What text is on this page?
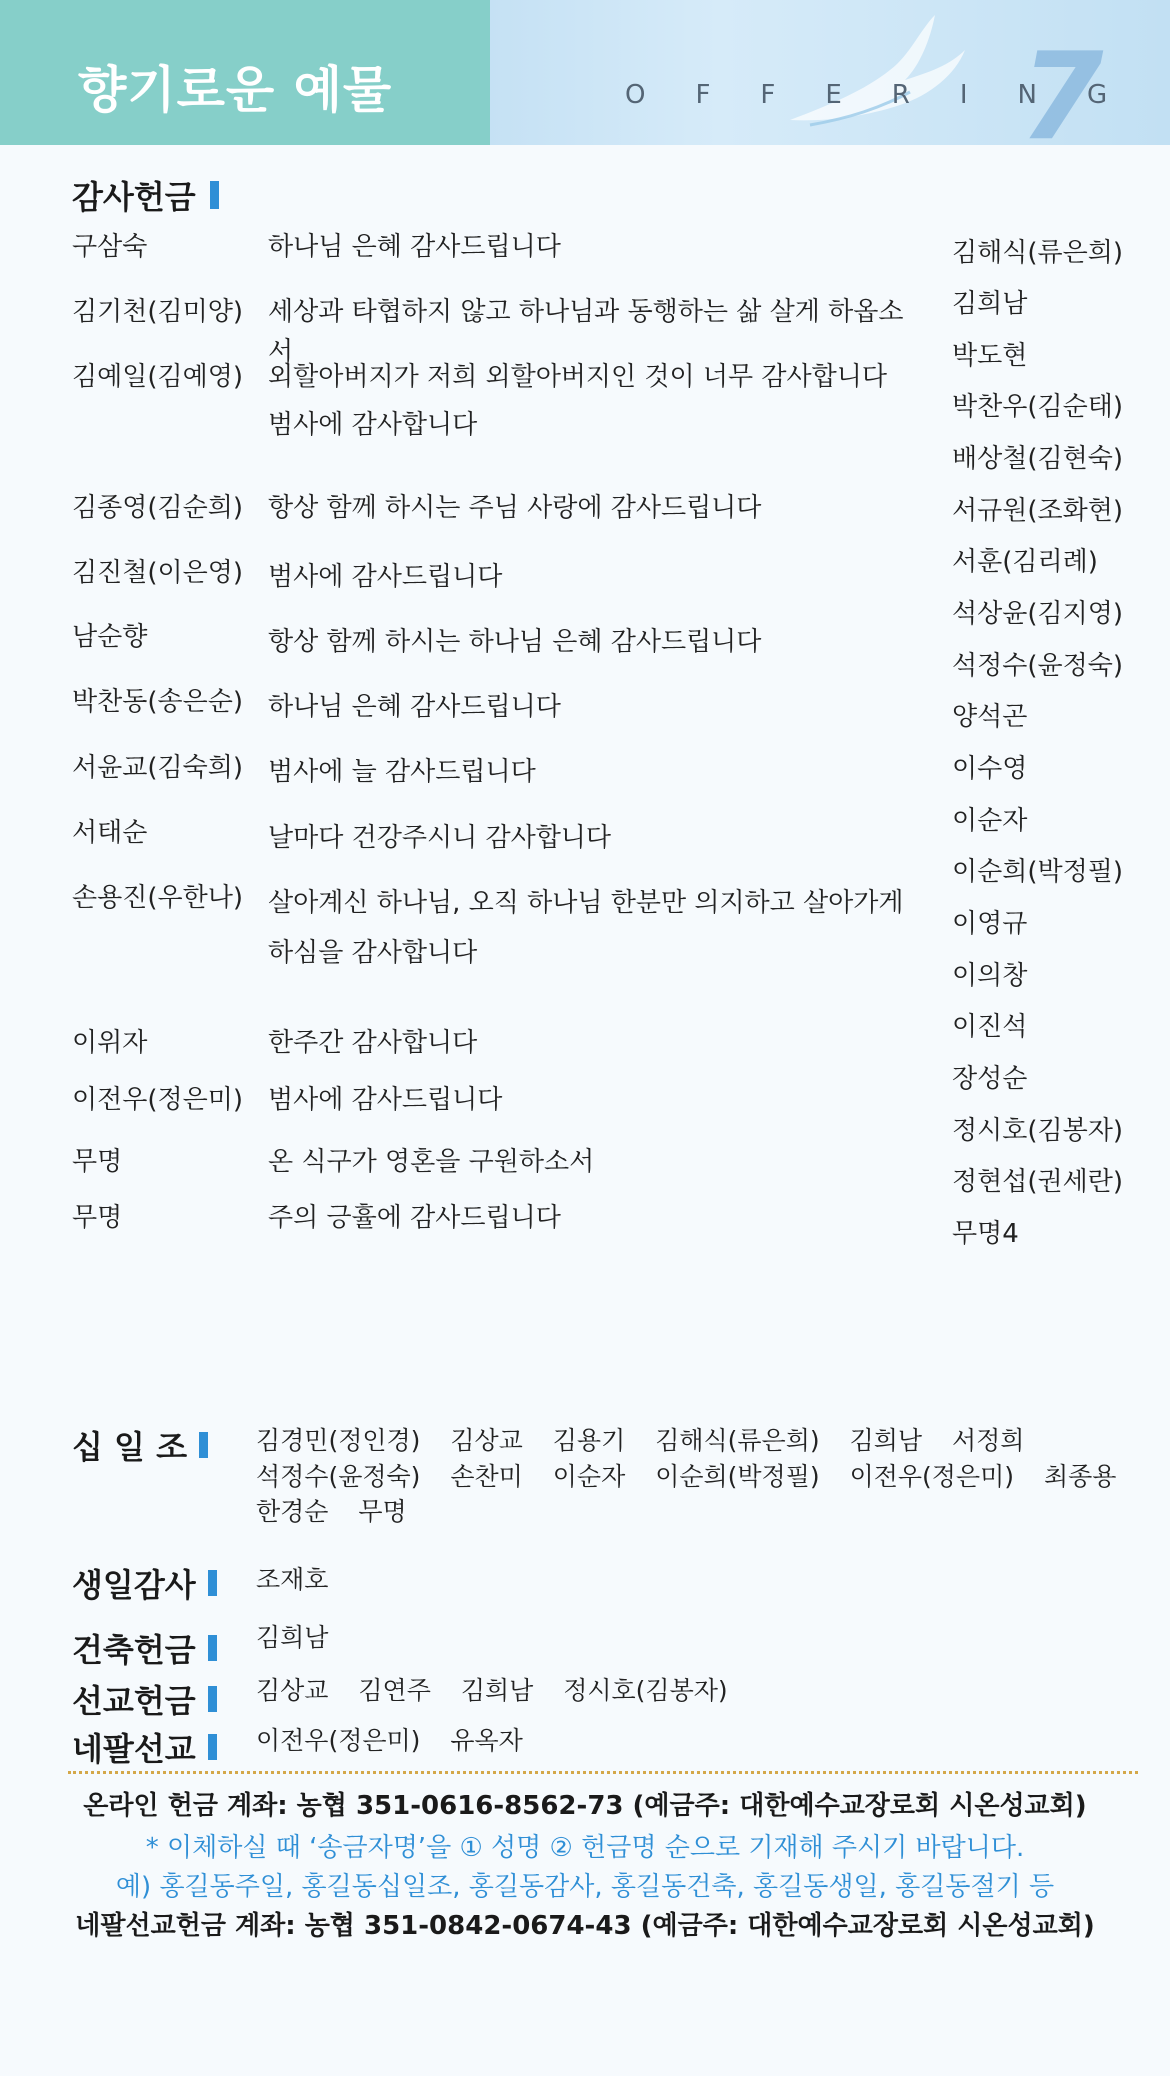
향기로운 예물	OFFERING
7
감사헌금
구삼숙	하나님 은혜 감사드립니다
김기천(김미양) 세상과 타협하지 않고 하나님과 동행하는 삶 살게 하옵소서
김예일(김예영) 외할아버지가 저희 외할아버지인 것이 너무 감사합니다
범사에 감사합니다
김종영(김순희) 항상 함께 하시는 주님 사랑에 감사드립니다
김진철(이은영) 범사에 감사드립니다
남순향	항상 함께 하시는 하나님 은혜 감사드립니다
박찬동(송은순) 하나님 은혜 감사드립니다
서윤교(김숙희) 범사에 늘 감사드립니다
서태순	날마다 건강주시니 감사합니다
손용진(우한나) 살아계신 하나님, 오직 하나님 한분만 의지하고 살아가게
하심을 감사합니다
이위자	한주간 감사합니다
이전우(정은미) 범사에 감사드립니다
무명	온 식구가 영혼을 구원하소서
무명	주의 긍휼에 감사드립니다
김해식(류은희)
김희남
박도현
박찬우(김순태)
배상철(김현숙)
서규원(조화현)
서훈(김리례)
석상윤(김지영)
석정수(윤정숙)
양석곤
이수영
이순자
이순희(박정필)
이영규
이의창
이진석
장성순
정시호(김봉자)
정현섭(권세란)
무명4
십 일 조	김경민(정인경) 김상교 김용기 김해식(류은희) 김희남 서정희
석정수(윤정숙) 손찬미 이순자 이순희(박정필) 이전우(정은미) 최종용
한경순 무명
생일감사 조재호
건축헌금 김희남
선교헌금 김상교 김연주 김희남 정시호(김봉자)
네팔선교 이전우(정은미) 유옥자
온라인 헌금 계좌: 농협 351-0616-8562-73 (예금주: 대한예수교장로회 시온성교회)
* 이체하실 때 ‘송금자명’을 ① 성명 ② 헌금명 순으로 기재해 주시기 바랍니다.
예) 홍길동주일, 홍길동십일조, 홍길동감사, 홍길동건축, 홍길동생일, 홍길동절기 등
네팔선교헌금 계좌: 농협 351-0842-0674-43 (예금주: 대한예수교장로회 시온성교회)
